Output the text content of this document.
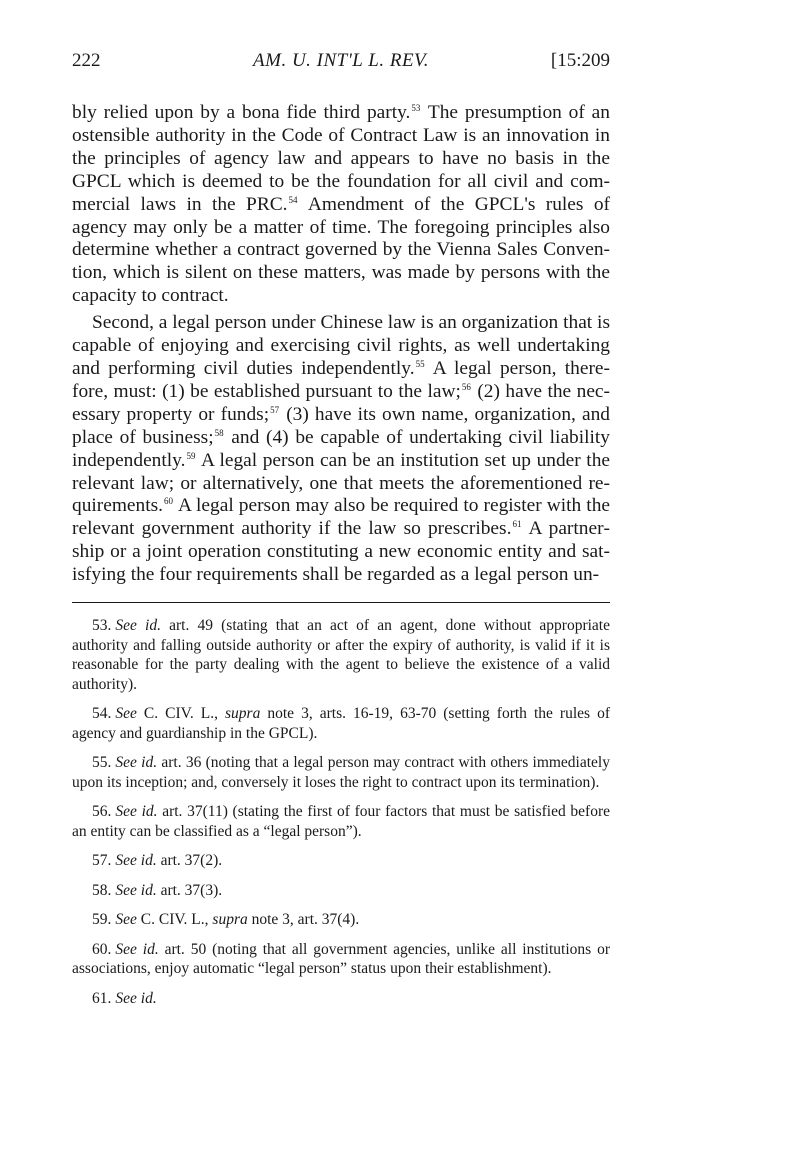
222	AM. U. INT'L L. REV.	[15:209

bly relied upon by a bona fide third party.$^{53}$ The presumption of an ostensible authority in the Code of Contract Law is an innovation in the principles of agency law and appears to have no basis in the GPCL which is deemed to be the foundation for all civil and commercial laws in the PRC.$^{54}$ Amendment of the GPCL's rules of agency may only be a matter of time. The foregoing principles also determine whether a contract governed by the Vienna Sales Convention, which is silent on these matters, was made by persons with the capacity to contract.

Second, a legal person under Chinese law is an organization that is capable of enjoying and exercising civil rights, as well undertaking and performing civil duties independently.$^{55}$ A legal person, therefore, must: (1) be established pursuant to the law;$^{56}$ (2) have the necessary property or funds;$^{57}$ (3) have its own name, organization, and place of business;$^{58}$ and (4) be capable of undertaking civil liability independently.$^{59}$ A legal person can be an institution set up under the relevant law; or alternatively, one that meets the aforementioned requirements.$^{60}$ A legal person may also be required to register with the relevant government authority if the law so prescribes.$^{61}$ A partnership or a joint operation constituting a new economic entity and satisfying the four requirements shall be regarded as a legal person un-

53. See id. art. 49 (stating that an act of an agent, done without appropriate authority and falling outside authority or after the expiry of authority, is valid if it is reasonable for the party dealing with the agent to believe the existence of a valid authority).

54. See C. CIV. L., supra note 3, arts. 16-19, 63-70 (setting forth the rules of agency and guardianship in the GPCL).

55. See id. art. 36 (noting that a legal person may contract with others immediately upon its inception; and, conversely it loses the right to contract upon its termination).

56. See id. art. 37(11) (stating the first of four factors that must be satisfied before an entity can be classified as a “legal person”).

57. See id. art. 37(2).

58. See id. art. 37(3).

59. See C. CIV. L., supra note 3, art. 37(4).

60. See id. art. 50 (noting that all government agencies, unlike all institutions or associations, enjoy automatic “legal person” status upon their establishment).

61. See id.
